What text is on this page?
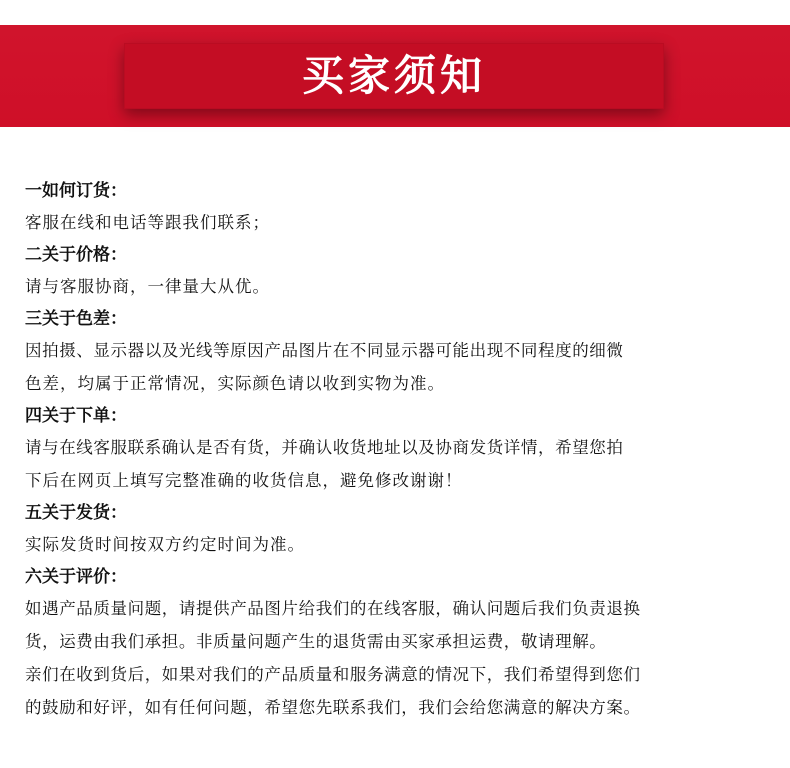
买家须知

一如何订货：

客服在线和电话等跟我们联系；

二关于价格：

请与客服协商，一律量大从优。

三关于色差：

因拍摄、显示器以及光线等原因产品图片在不同显示器可能出现不同程度的细微

色差，均属于正常情况，实际颜色请以收到实物为准。

四关于下单：

请与在线客服联系确认是否有货，并确认收货地址以及协商发货详情，希望您拍

下后在网页上填写完整准确的收货信息，避免修改谢谢！

五关于发货：

实际发货时间按双方约定时间为准。

六关于评价：

如遇产品质量问题，请提供产品图片给我们的在线客服，确认问题后我们负责退换

货，运费由我们承担。非质量问题产生的退货需由买家承担运费，敬请理解。

亲们在收到货后，如果对我们的产品质量和服务满意的情况下，我们希望得到您们

的鼓励和好评，如有任何问题，希望您先联系我们，我们会给您满意的解决方案。
